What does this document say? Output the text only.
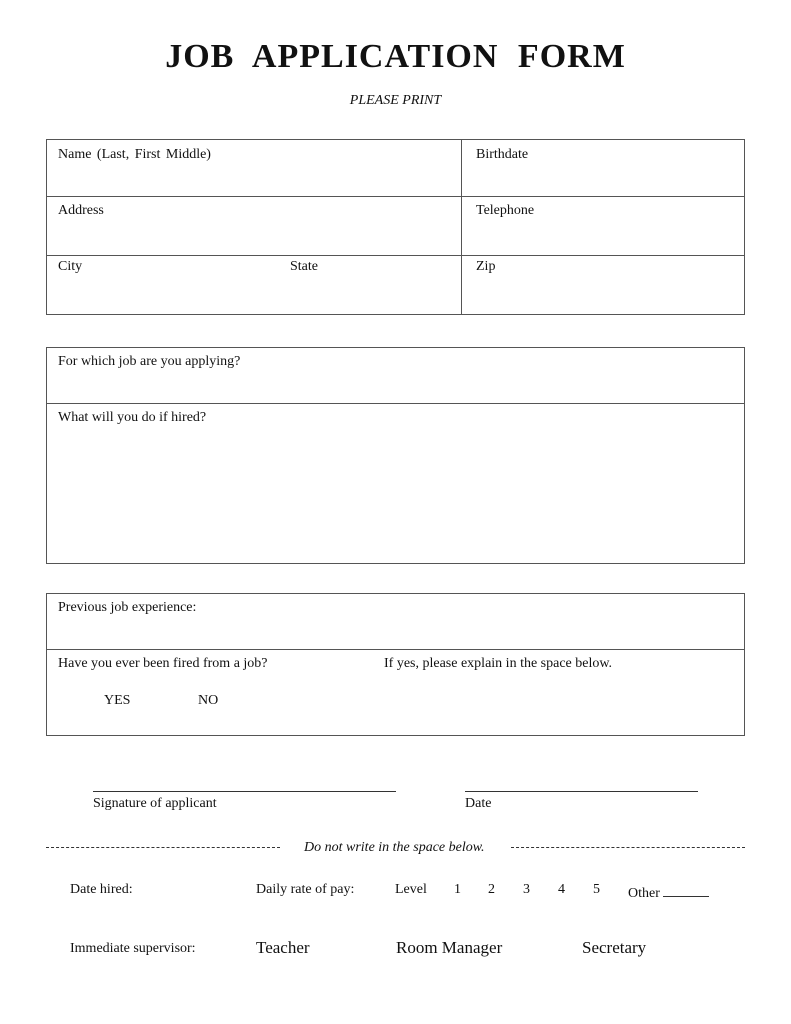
JOB APPLICATION FORM
PLEASE PRINT
Name (Last, First Middle)	Birthdate
Address	Telephone
City	State	Zip
For which job are you applying?
What will you do if hired?
Previous job experience:
Have you ever been fired from a job?	If yes, please explain in the space below.
YES	NO
Signature of applicant	Date
Do not write in the space below.
Date hired:	Daily rate of pay:	Level 1 2 3 4 5 Other
Immediate supervisor:	Teacher	Room Manager	Secretary
